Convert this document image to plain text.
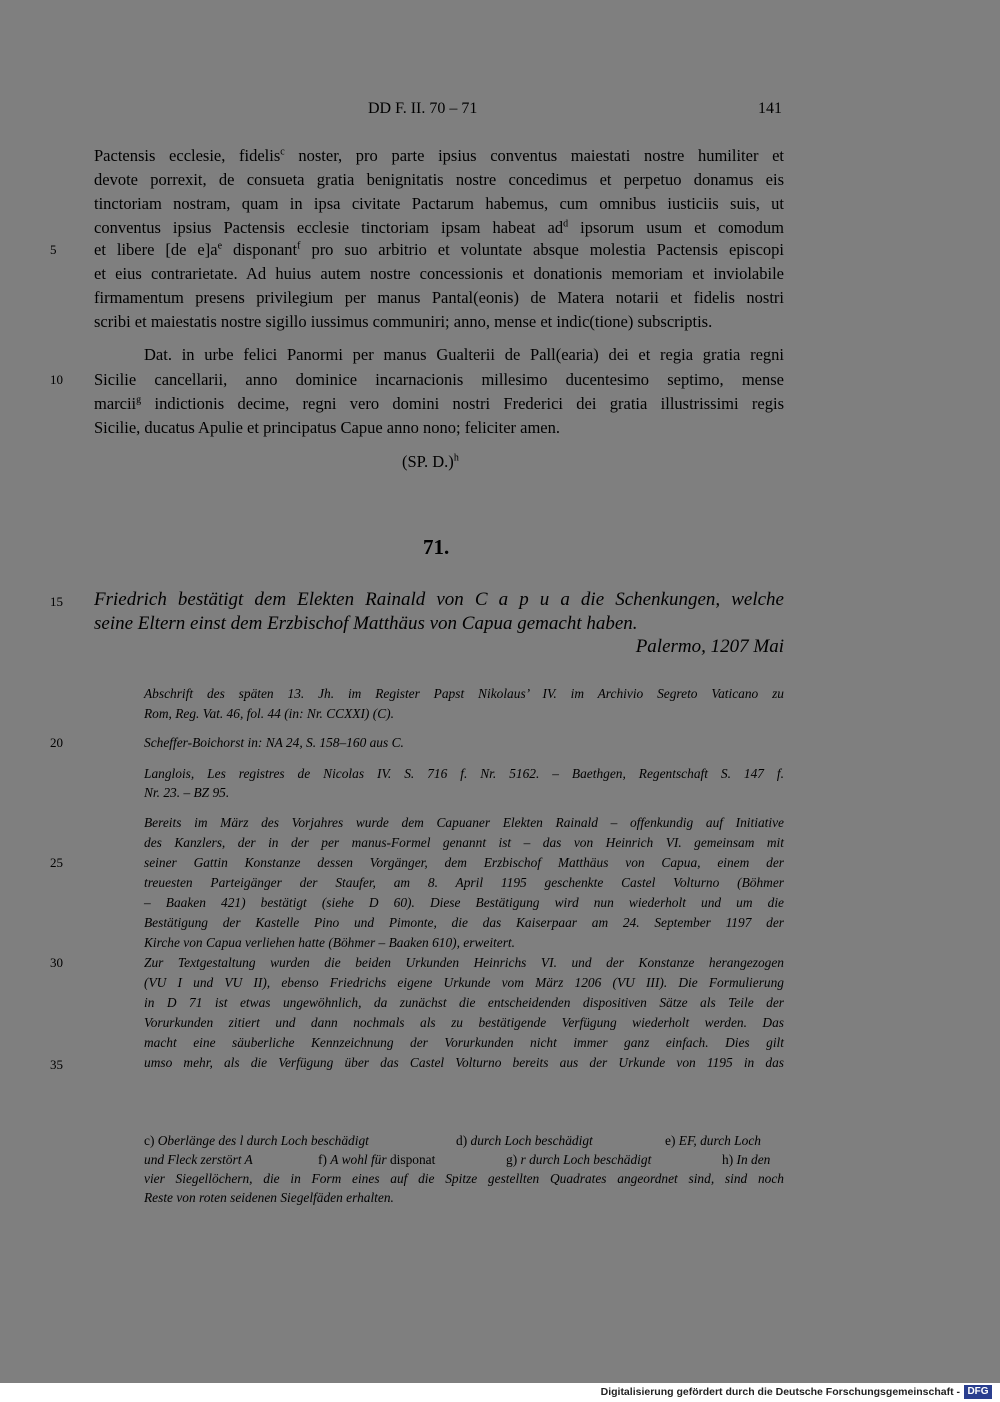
DD F. II. 70 – 71	141
Pactensis ecclesie, fidelis$^c$ noster, pro parte ipsius conventus maiestati nostre humiliter et
devote porrexit, de consueta gratia benignitatis nostre concedimus et perpetuo donamus eis
tinctoriam nostram, quam in ipsa civitate Pactarum habemus, cum omnibus iusticiis suis, ut
conventus ipsius Pactensis ecclesie tinctoriam ipsam habeat $ad^d$ ipsorum usum et comodum
5	et libere [de $e]a^e$ disponant$^f$ pro suo arbitrio et voluntate absque molestia Pactensis episcopi
et eius contrarietate. Ad huius autem nostre concessionis et donationis memoriam et inviolabile
firmamentum presens privilegium per manus Pantal(eonis) de Matera notarii et fidelis nostri
scribi et maiestatis nostre sigillo iussimus communiri; anno, mense et indic(tione) subscriptis.
Dat. in urbe felici Panormi per manus Gualterii de Pall(earia) dei et regia gratia regni
10	Sicilie cancellarii, anno dominice incarnacionis millesimo ducentesimo septimo, mense
marcii$^g$ indictionis decime, regni vero domini nostri Frederici dei gratia illustrissimi regis
Sicilie, ducatus Apulie et principatus Capue anno nono; feliciter amen.
(SP. D.)$^h$
71.
15	Friedrich bestätigt dem Elekten Rainald von C a p u a die Schenkungen, welche
seine Eltern einst dem Erzbischof Matthäus von Capua gemacht haben.
Palermo, 1207 Mai
Abschrift des späten 13. Jh. im Register Papst Nikolaus’ IV. im Archivio Segreto Vaticano zu
Rom, Reg. Vat. 46, fol. 44 (in: Nr. CCXXI) (C).
20	Scheffer-Boichorst in: NA 24, S. 158–160 aus C.
Langlois, Les registres de Nicolas IV. S. 716 f. Nr. 5162. – Baethgen, Regentschaft S. 147 f.
Nr. 23. – BZ 95.
Bereits im März des Vorjahres wurde dem Capuaner Elekten Rainald – offenkundig auf Initiative
des Kanzlers, der in der per manus-Formel genannt ist – das von Heinrich VI. gemeinsam mit
25	seiner Gattin Konstanze dessen Vorgänger, dem Erzbischof Matthäus von Capua, einem der
treuesten Parteigänger der Staufer, am 8. April 1195 geschenkte Castel Volturno (Böhmer
– Baaken 421) bestätigt (siehe D 60). Diese Bestätigung wird nun wiederholt und um die
Bestätigung der Kastelle Pino und Pimonte, die das Kaiserpaar am 24. September 1197 der
Kirche von Capua verliehen hatte (Böhmer – Baaken 610), erweitert.
30	Zur Textgestaltung wurden die beiden Urkunden Heinrichs VI. und der Konstanze herangezogen
(VU I und VU II), ebenso Friedrichs eigene Urkunde vom März 1206 (VU III). Die Formulierung
in D 71 ist etwas ungewöhnlich, da zunächst die entscheidenden dispositiven Sätze als Teile der
Vorurkunden zitiert und dann nochmals als zu bestätigende Verfügung wiederholt werden. Das
macht eine säuberliche Kennzeichnung der Vorurkunden nicht immer ganz einfach. Dies gilt
35	umso mehr, als die Verfügung über das Castel Volturno bereits aus der Urkunde von 1195 in das
c) Oberlänge des l durch Loch beschädigt	d) durch Loch beschädigt	e) EF, durch Loch
und Fleck zerstört A	f) A wohl für disponat	g) r durch Loch beschädigt	h) In den
vier Siegellöchern, die in Form eines auf die Spitze gestellten Quadrates angeordnet sind, sind noch
Reste von roten seidenen Siegelfäden erhalten.
Digitalisierung gefördert durch die Deutsche Forschungsgemeinschaft - DFG
